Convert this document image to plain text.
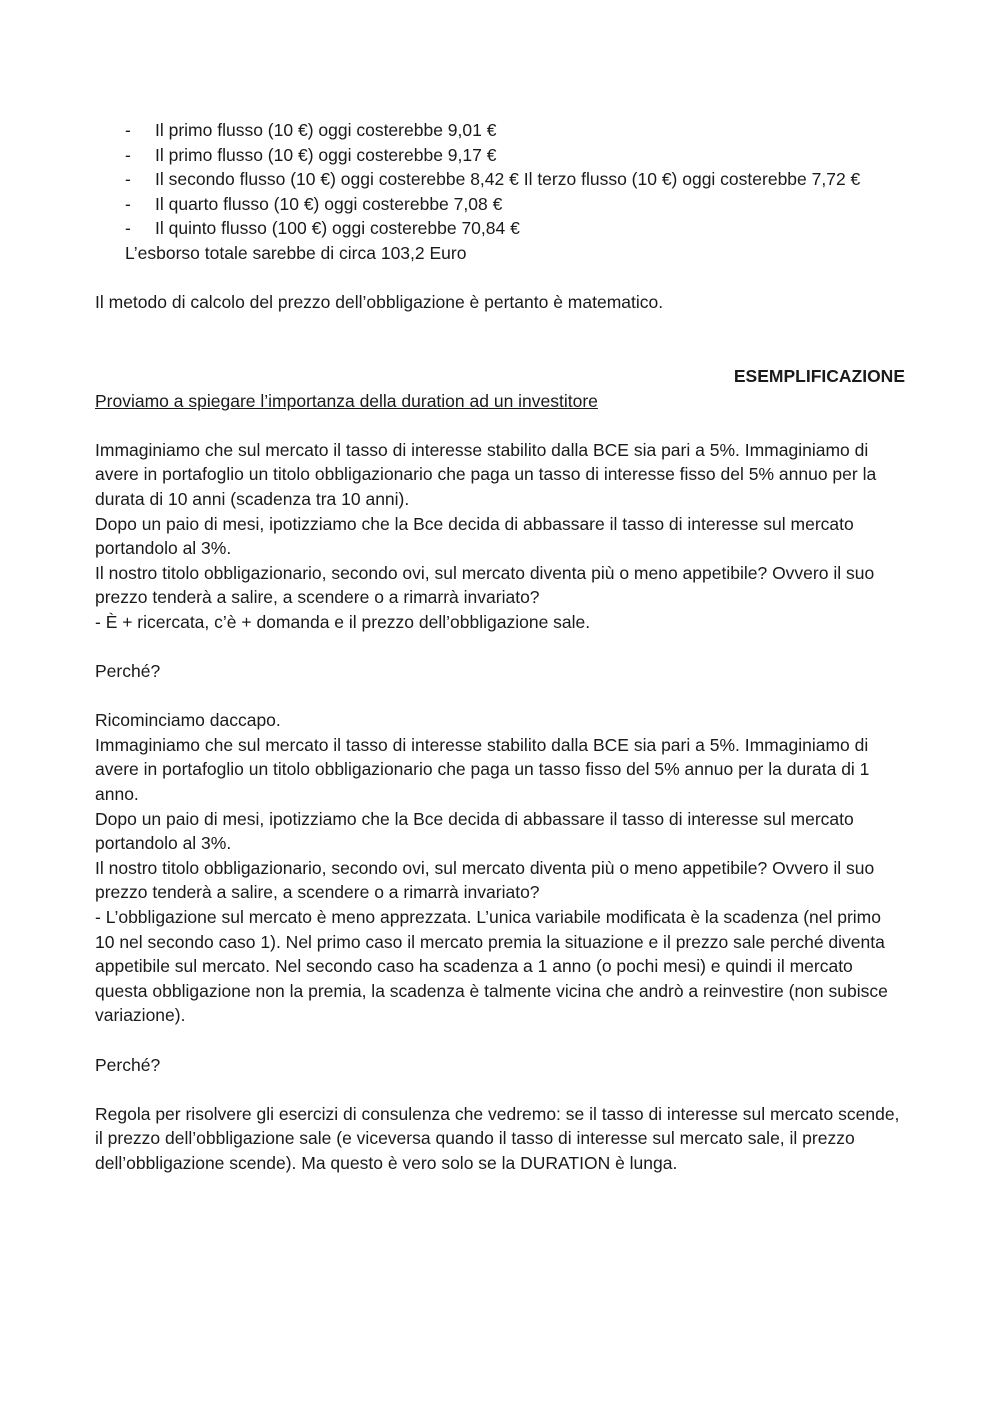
-	Il primo flusso (10 €) oggi costerebbe 9,01 €
-	Il primo flusso (10 €) oggi costerebbe 9,17 €
-	Il secondo flusso (10 €) oggi costerebbe 8,42 € Il terzo flusso (10 €) oggi costerebbe 7,72 €
-	Il quarto flusso (10 €) oggi costerebbe 7,08 €
-	Il quinto flusso (100 €) oggi costerebbe 70,84 €

L’esborso totale sarebbe di circa 103,2 Euro

Il metodo di calcolo del prezzo dell’obbligazione è pertanto è matematico.

ESEMPLIFICAZIONE

Proviamo a spiegare l’importanza della duration ad un investitore

Immaginiamo che sul mercato il tasso di interesse stabilito dalla BCE sia pari a 5%. Immaginiamo di avere in portafoglio un titolo obbligazionario che paga un tasso di interesse fisso del 5% annuo per la durata di 10 anni (scadenza tra 10 anni).

Dopo un paio di mesi, ipotizziamo che la Bce decida di abbassare il tasso di interesse sul mercato portandolo al 3%.

Il nostro titolo obbligazionario, secondo ovi, sul mercato diventa più o meno appetibile? Ovvero il suo prezzo tenderà a salire, a scendere o a rimarrà invariato?

- È + ricercata, c’è + domanda e il prezzo dell’obbligazione sale.

Perché?

Ricominciamo daccapo.

Immaginiamo che sul mercato il tasso di interesse stabilito dalla BCE sia pari a 5%. Immaginiamo di avere in portafoglio un titolo obbligazionario che paga un tasso fisso del 5% annuo per la durata di 1 anno.

Dopo un paio di mesi, ipotizziamo che la Bce decida di abbassare il tasso di interesse sul mercato portandolo al 3%.

Il nostro titolo obbligazionario, secondo ovi, sul mercato diventa più o meno appetibile? Ovvero il suo prezzo tenderà a salire, a scendere o a rimarrà invariato?

- L’obbligazione sul mercato è meno apprezzata. L’unica variabile modificata è la scadenza (nel primo 10 nel secondo caso 1). Nel primo caso il mercato premia la situazione e il prezzo sale perché diventa appetibile sul mercato. Nel secondo caso ha scadenza a 1 anno (o pochi mesi) e quindi il mercato questa obbligazione non la premia, la scadenza è talmente vicina che andrò a reinvestire (non subisce variazione).

Perché?

Regola per risolvere gli esercizi di consulenza che vedremo: se il tasso di interesse sul mercato scende, il prezzo dell’obbligazione sale (e viceversa quando il tasso di interesse sul mercato sale, il prezzo dell’obbligazione scende). Ma questo è vero solo se la DURATION è lunga.
